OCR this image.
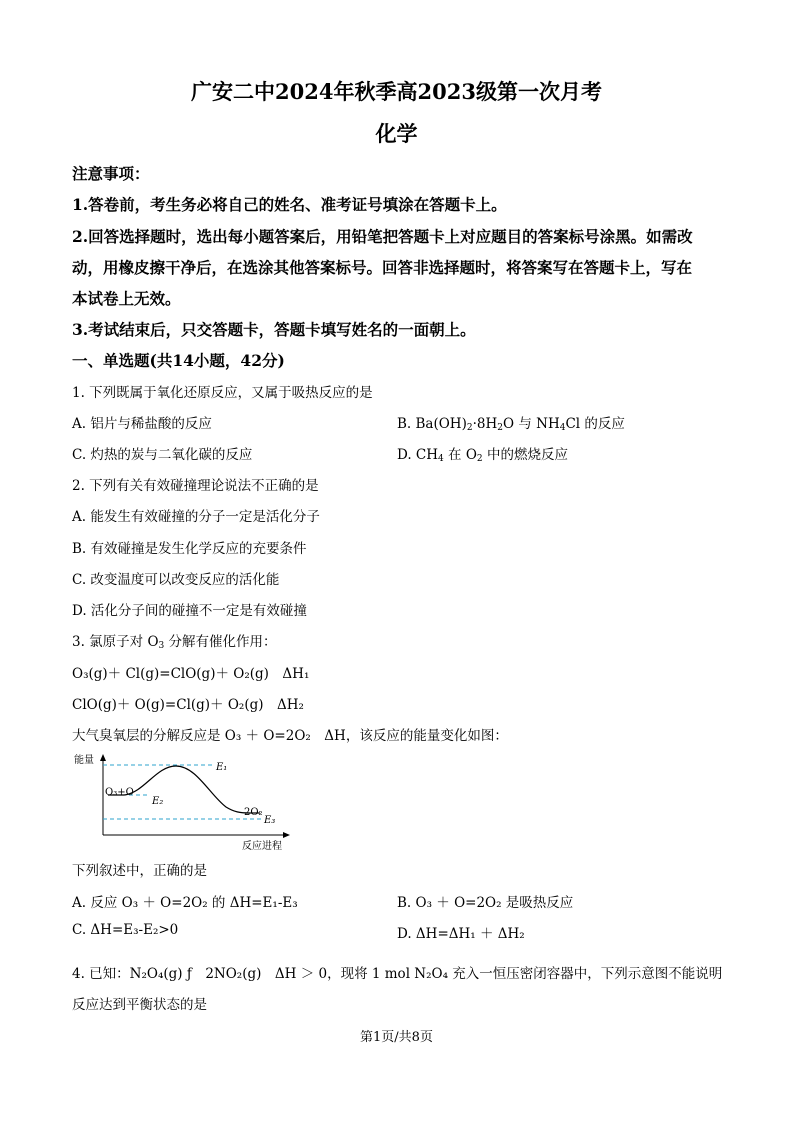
广安二中2024年秋季高2023级第一次月考
化学
注意事项：
1.答卷前，考生务必将自己的姓名、准考证号填涂在答题卡上。
2.回答选择题时，选出每小题答案后，用铅笔把答题卡上对应题目的答案标号涂黑。如需改
动，用橡皮擦干净后，在选涂其他答案标号。回答非选择题时，将答案写在答题卡上，写在
本试卷上无效。
3.考试结束后，只交答题卡，答题卡填写姓名的一面朝上。
一、单选题(共14小题，42分)
1. 下列既属于氧化还原反应，又属于吸热反应的是
A. 铝片与稀盐酸的反应	B. $Ba(OH)_2\cdot 8H_2O$ 与 $NH_4Cl$ 的反应
C. 灼热的炭与二氧化碳的反应	D. $CH_4$ 在 $O_2$ 中的燃烧反应
2. 下列有关有效碰撞理论说法不正确的是
A. 能发生有效碰撞的分子一定是活化分子
B. 有效碰撞是发生化学反应的充要条件
C. 改变温度可以改变反应的活化能
D. 活化分子间的碰撞不一定是有效碰撞
3. 氯原子对 $O_3$ 分解有催化作用：
O₃(g)＋ Cl(g)=ClO(g)＋ O₂(g)　ΔH₁
ClO(g)＋ O(g)=Cl(g)＋ O₂(g)　ΔH₂
大气臭氧层的分解反应是 O₃ ＋ O=2O₂　ΔH，该反应的能量变化如图：
能量
反应进程
O₃+O
2O₂
E₁
E₂
E₃
下列叙述中，正确的是
A. 反应 O₃ ＋ O=2O₂ 的 ΔH=E₁-E₃	B. O₃ ＋ O=2O₂ 是吸热反应
C. ΔH=E₃-E₂>0	D. ΔH=ΔH₁ ＋ ΔH₂
4. 已知：N₂O₄(g) ƒ　2NO₂(g)　ΔH ＞ 0，现将 1 mol N₂O₄ 充入一恒压密闭容器中，下列示意图不能说明
反应达到平衡状态的是
第1页/共8页
